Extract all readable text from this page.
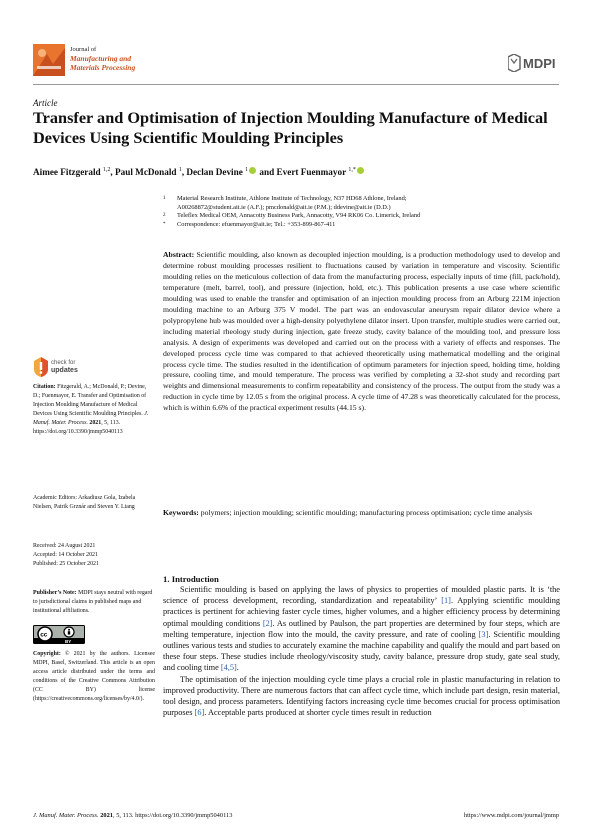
Journal of
Manufacturing and
Materials Processing	MDPI
Article
Transfer and Optimisation of Injection Moulding Manufacture of Medical Devices Using Scientific Moulding Principles
Aimee Fitzgerald $^{1,2}$, Paul McDonald $^1$, Declan Devine $^1$ and Evert Fuenmayor $^{1,*}$
1 Material Research Institute, Athlone Institute of Technology, N37 HD68 Athlone, Ireland;
A00268872@student.ait.ie (A.F.); pmcdonald@ait.ie (P.M.); ddevine@ait.ie (D.D.)
2 Teleflex Medical OEM, Annacotty Business Park, Annacotty, V94 RK06 Co. Limerick, Ireland
* Correspondence: efuenmayor@ait.ie; Tel.: +353-899-867-411
Abstract: Scientific moulding, also known as decoupled injection moulding, is a production methodology used to develop and determine robust moulding processes resilient to fluctuations caused by variation in temperature and viscosity. Scientific moulding relies on the meticulous collection of data from the manufacturing process, especially inputs of time (fill, pack/hold), temperature (melt, barrel, tool), and pressure (injection, hold, etc.). This publication presents a use case where scientific moulding was used to enable the transfer and optimisation of an injection moulding process from an Arburg 221M injection moulding machine to an Arburg 375 V model. The part was an endovascular aneurysm repair dilator device where a polypropylene hub was moulded over a high-density polyethylene dilator insert. Upon transfer, multiple studies were carried out, including material rheology study during injection, gate freeze study, cavity balance of the moulding tool, and pressure loss analysis. A design of experiments was developed and carried out on the process with a variety of effects and responses. The developed process cycle time was compared to that achieved theoretically using mathematical modelling and the original process cycle time. The studies resulted in the identification of optimum parameters for injection speed, holding time, holding pressure, cooling time, and mould temperature. The process was verified by completing a 32-shot study and recording part weights and dimensional measurements to confirm repeatability and consistency of the process. The output from the study was a reduction in cycle time by 12.05 s from the original process. A cycle time of 47.28 s was theoretically calculated for the process, which is within 6.6% of the practical experiment results (44.15 s).
Keywords: polymers; injection moulding; scientific moulding; manufacturing process optimisation; cycle time analysis
1. Introduction

Scientific moulding is based on applying the laws of physics to properties of moulded plastic parts. It is ‘the science of process development, recording, standardization and repeatability’ [1]. Applying scientific moulding practices is pertinent for achieving faster cycle times, higher volumes, and a higher efficiency process by determining optimal moulding conditions [2]. As outlined by Paulson, the part properties are determined by four steps, which are melting temperature, injection flow into the mould, the cavity pressure, and rate of cooling [3]. Scientific moulding outlines various tests and studies to accurately examine the machine capability and qualify the mould and part based on these four steps. These studies include rheology/viscosity study, cavity balance, pressure drop study, gate seal study, and cooling time [4,5].

The optimisation of the injection moulding cycle time plays a crucial role in plastic manufacturing in relation to improved productivity. There are numerous factors that can affect cycle time, which include part design, resin material, tool design, and process parameters. Identifying factors increasing cycle time becomes crucial for process optimisation purposes [6]. Acceptable parts produced at shorter cycle times result in reduction

check for
updates
Citation: Fitzgerald, A.; McDonald, P.; Devine, D.; Fuenmayor, E. Transfer and Optimisation of Injection Moulding Manufacture of Medical Devices Using Scientific Moulding Principles. J. Manuf. Mater. Process. 2021, 5, 113. https://doi.org/10.3390/jmmp5040113
Academic Editors: Arkadiusz Gola, Izabela Nielsen, Patrik Grznár and Steven Y. Liang
Received: 24 August 2021
Accepted: 14 October 2021
Published: 25 October 2021
Publisher’s Note: MDPI stays neutral with regard to jurisdictional claims in published maps and institutional affiliations.
cc
BY
Copyright: © 2021 by the authors. Licensee MDPI, Basel, Switzerland. This article is an open access article distributed under the terms and conditions of the Creative Commons Attribution (CC BY) license (https://creativecommons.org/licenses/by/4.0/).
J. Manuf. Mater. Process. 2021, 5, 113. https://doi.org/10.3390/jmmp5040113	https://www.mdpi.com/journal/jmmp
